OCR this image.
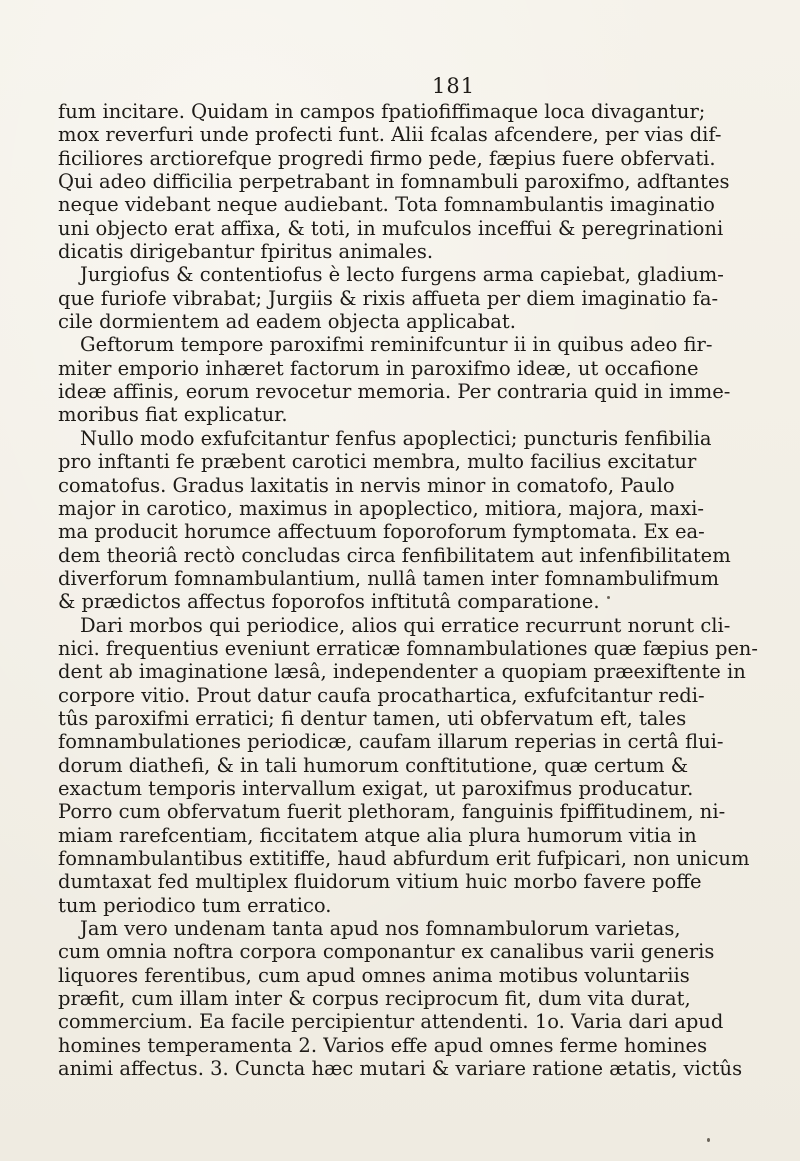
181
fum incitare. Quidam in campos fpatiofiffimaque loca divagantur;
mox reverfuri unde profecti funt. Alii fcalas afcendere, per vias dif-
ficiliores arctiorefque progredi firmo pede, fæpius fuere obfervati.
Qui adeo difficilia perpetrabant in fomnambuli paroxifmo, adftantes
neque videbant neque audiebant. Tota fomnambulantis imaginatio
uni objecto erat affixa, & toti, in mufculos inceffui & peregrinationi
dicatis dirigebantur fpiritus animales.
Jurgiofus & contentiofus è lecto furgens arma capiebat, gladium-
que furiofe vibrabat; Jurgiis & rixis affueta per diem imaginatio fa-
cile dormientem ad eadem objecta applicabat.
Geftorum tempore paroxifmi reminifcuntur ii in quibus adeo fir-
miter emporio inhæret factorum in paroxifmo ideæ, ut occafione
ideæ affinis, eorum revocetur memoria. Per contraria quid in imme-
moribus fiat explicatur.
Nullo modo exfufcitantur fenfus apoplectici; puncturis fenfibilia
pro inftanti fe præbent carotici membra, multo facilius excitatur
comatofus. Gradus laxitatis in nervis minor in comatofo, Paulo
major in carotico, maximus in apoplectico, mitiora, majora, maxi-
ma producit horumce affectuum foporoforum fymptomata. Ex ea-
dem theoriâ rectò concludas circa fenfibilitatem aut infenfibilitatem
diverforum fomnambulantium, nullâ tamen inter fomnambulifmum
& prædictos affectus foporofos inftitutâ comparatione.
Dari morbos qui periodice, alios qui erratice recurrunt norunt cli-
nici. frequentius eveniunt erraticæ fomnambulationes quæ fæpius pen-
dent ab imaginatione læsâ, independenter a quopiam præexiftente in
corpore vitio. Prout datur caufa procathartica, exfufcitantur redi-
tûs paroxifmi erratici; fi dentur tamen, uti obfervatum eft, tales
fomnambulationes periodicæ, caufam illarum reperias in certâ flui-
dorum diathefi, & in tali humorum conftitutione, quæ certum &
exactum temporis intervallum exigat, ut paroxifmus producatur.
Porro cum obfervatum fuerit plethoram, fanguinis fpiffitudinem, ni-
miam rarefcentiam, ficcitatem atque alia plura humorum vitia in
fomnambulantibus extitiffe, haud abfurdum erit fufpicari, non unicum
dumtaxat fed multiplex fluidorum vitium huic morbo favere poffe
tum periodico tum erratico.
Jam vero undenam tanta apud nos fomnambulorum varietas,
cum omnia noftra corpora componantur ex canalibus varii generis
liquores ferentibus, cum apud omnes anima motibus voluntariis
præfit, cum illam inter & corpus reciprocum fit, dum vita durat,
commercium. Ea facile percipientur attendenti. 1o. Varia dari apud
homines temperamenta 2. Varios effe apud omnes ferme homines
animi affectus. 3. Cuncta hæc mutari & variare ratione ætatis, victûs
